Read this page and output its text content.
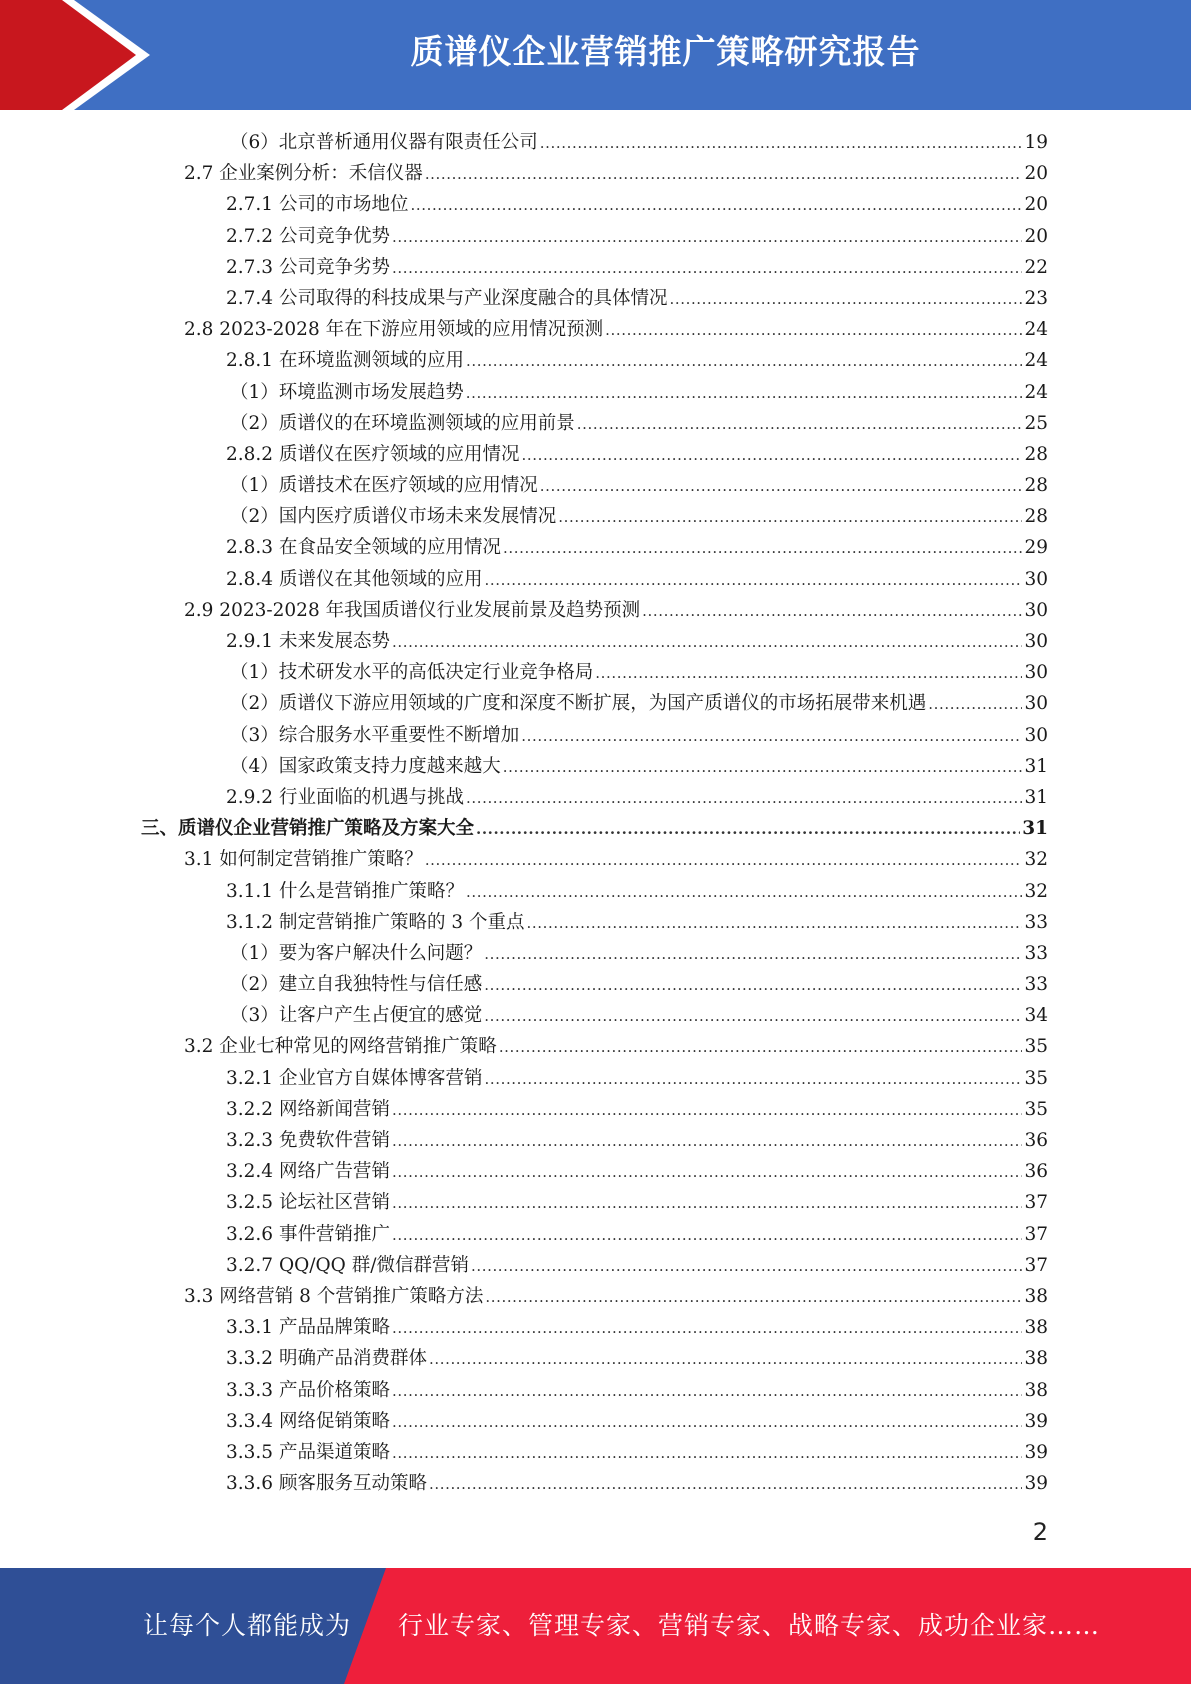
质谱仪企业营销推广策略研究报告
（6）北京普析通用仪器有限责任公司 .....	19
2.7 企业案例分析：禾信仪器 .....	20
2.7.1 公司的市场地位 .....	20
2.7.2 公司竞争优势 .....	20
2.7.3 公司竞争劣势 .....	22
2.7.4 公司取得的科技成果与产业深度融合的具体情况 .....	23
2.8 2023-2028 年在下游应用领域的应用情况预测 .....	24
2.8.1 在环境监测领域的应用 .....	24
（1）环境监测市场发展趋势 .....	24
（2）质谱仪的在环境监测领域的应用前景 .....	25
2.8.2 质谱仪在医疗领域的应用情况 .....	28
（1）质谱技术在医疗领域的应用情况 .....	28
（2）国内医疗质谱仪市场未来发展情况 .....	28
2.8.3 在食品安全领域的应用情况 .....	29
2.8.4 质谱仪在其他领域的应用 .....	30
2.9 2023-2028 年我国质谱仪行业发展前景及趋势预测 .....	30
2.9.1 未来发展态势 .....	30
（1）技术研发水平的高低决定行业竞争格局 .....	30
（2）质谱仪下游应用领域的广度和深度不断扩展，为国产质谱仪的市场拓展带来机遇 .....	30
（3）综合服务水平重要性不断增加 .....	30
（4）国家政策支持力度越来越大 .....	31
2.9.2 行业面临的机遇与挑战 .....	31
三、质谱仪企业营销推广策略及方案大全 .....	31
3.1 如何制定营销推广策略？ .....	32
3.1.1 什么是营销推广策略？ .....	32
3.1.2 制定营销推广策略的 3 个重点 .....	33
（1）要为客户解决什么问题？ .....	33
（2）建立自我独特性与信任感 .....	33
（3）让客户产生占便宜的感觉 .....	34
3.2 企业七种常见的网络营销推广策略 .....	35
3.2.1 企业官方自媒体博客营销 .....	35
3.2.2 网络新闻营销 .....	35
3.2.3 免费软件营销 .....	36
3.2.4 网络广告营销 .....	36
3.2.5 论坛社区营销 .....	37
3.2.6 事件营销推广 .....	37
3.2.7 QQ/QQ 群/微信群营销 .....	37
3.3 网络营销 8 个营销推广策略方法 .....	38
3.3.1 产品品牌策略 .....	38
3.3.2 明确产品消费群体 .....	38
3.3.3 产品价格策略 .....	38
3.3.4 网络促销策略 .....	39
3.3.5 产品渠道策略 .....	39
3.3.6 顾客服务互动策略 .....	39
2
让每个人都能成为 行业专家、管理专家、营销专家、战略专家、成功企业家……
